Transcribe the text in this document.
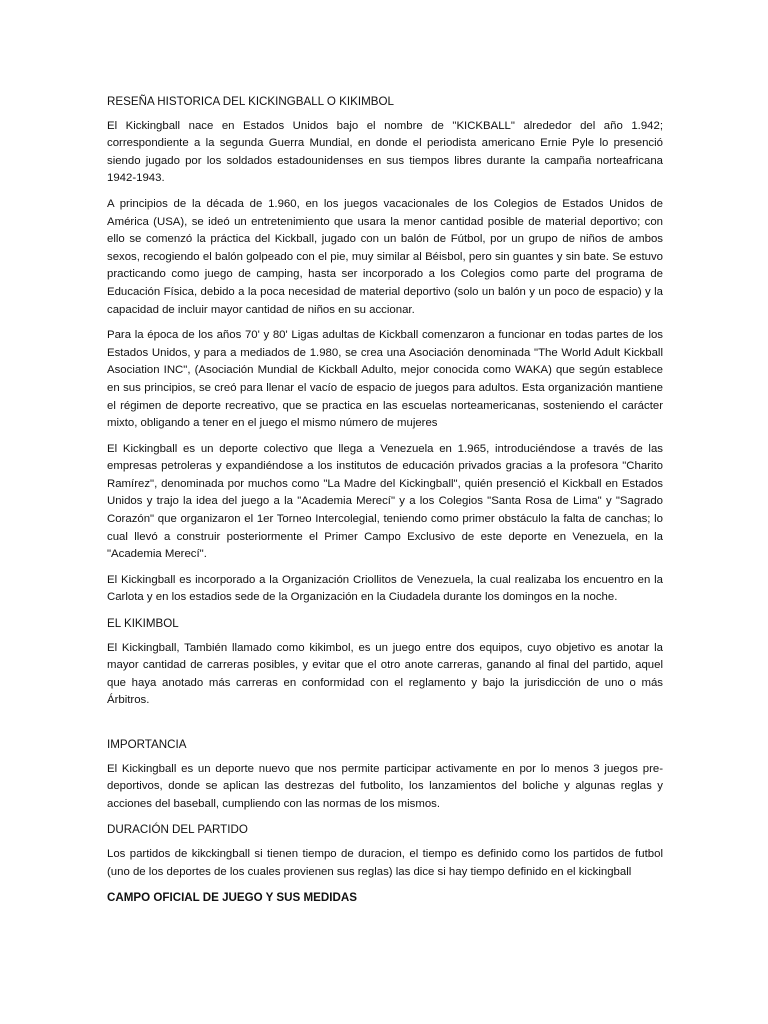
RESEÑA HISTORICA DEL KICKINGBALL O KIKIMBOL

El Kickingball nace en Estados Unidos bajo el nombre de "KICKBALL" alrededor del año 1.942; correspondiente a la segunda Guerra Mundial, en donde el periodista americano Ernie Pyle lo presenció siendo jugado por los soldados estadounidenses en sus tiempos libres durante la campaña norteafricana 1942-1943.

A principios de la década de 1.960, en los juegos vacacionales de los Colegios de Estados Unidos de América (USA), se ideó un entretenimiento que usara la menor cantidad posible de material deportivo; con ello se comenzó la práctica del Kickball, jugado con un balón de Fútbol, por un grupo de niños de ambos sexos, recogiendo el balón golpeado con el pie, muy similar al Béisbol, pero sin guantes y sin bate. Se estuvo practicando como juego de camping, hasta ser incorporado a los Colegios como parte del programa de Educación Física, debido a la poca necesidad de material deportivo (solo un balón y un poco de espacio) y la capacidad de incluir mayor cantidad de niños en su accionar.

Para la época de los años 70' y 80' Ligas adultas de Kickball comenzaron a funcionar en todas partes de los Estados Unidos, y para a mediados de 1.980, se crea una Asociación denominada "The World Adult Kickball Asociation INC", (Asociación Mundial de Kickball Adulto, mejor conocida como WAKA) que según establece en sus principios, se creó para llenar el vacío de espacio de juegos para adultos. Esta organización mantiene el régimen de deporte recreativo, que se practica en las escuelas norteamericanas, sosteniendo el carácter mixto, obligando a tener en el juego el mismo número de mujeres

El Kickingball es un deporte colectivo que llega a Venezuela en 1.965, introduciéndose a través de las empresas petroleras y expandiéndose a los institutos de educación privados gracias a la profesora "Charito Ramírez", denominada por muchos como "La Madre del Kickingball", quién presenció el Kickball en Estados Unidos y trajo la idea del juego a la "Academia Merecí" y a los Colegios "Santa Rosa de Lima" y "Sagrado Corazón" que organizaron el 1er Torneo Intercolegial, teniendo como primer obstáculo la falta de canchas; lo cual llevó a construir posteriormente el Primer Campo Exclusivo de este deporte en Venezuela, en la "Academia Merecí".

El Kickingball es incorporado a la Organización Criollitos de Venezuela, la cual realizaba los encuentro en la Carlota y en los estadios sede de la Organización en la Ciudadela durante los domingos en la noche.

EL KIKIMBOL

El Kickingball, También llamado como kikimbol, es un juego entre dos equipos, cuyo objetivo es anotar la mayor cantidad de carreras posibles, y evitar que el otro anote carreras, ganando al final del partido, aquel que haya anotado más carreras en conformidad con el reglamento y bajo la jurisdicción de uno o más Árbitros.

IMPORTANCIA

El Kickingball es un deporte nuevo que nos permite participar activamente en por lo menos 3 juegos pre-deportivos, donde se aplican las destrezas del futbolito, los lanzamientos del boliche y algunas reglas y acciones del baseball, cumpliendo con las normas de los mismos.

DURACIÓN DEL PARTIDO

Los partidos de kikckingball si tienen tiempo de duracion, el tiempo es definido como los partidos de futbol (uno de los deportes de los cuales provienen sus reglas) las dice si hay tiempo definido en el kickingball

CAMPO OFICIAL DE JUEGO Y SUS MEDIDAS
